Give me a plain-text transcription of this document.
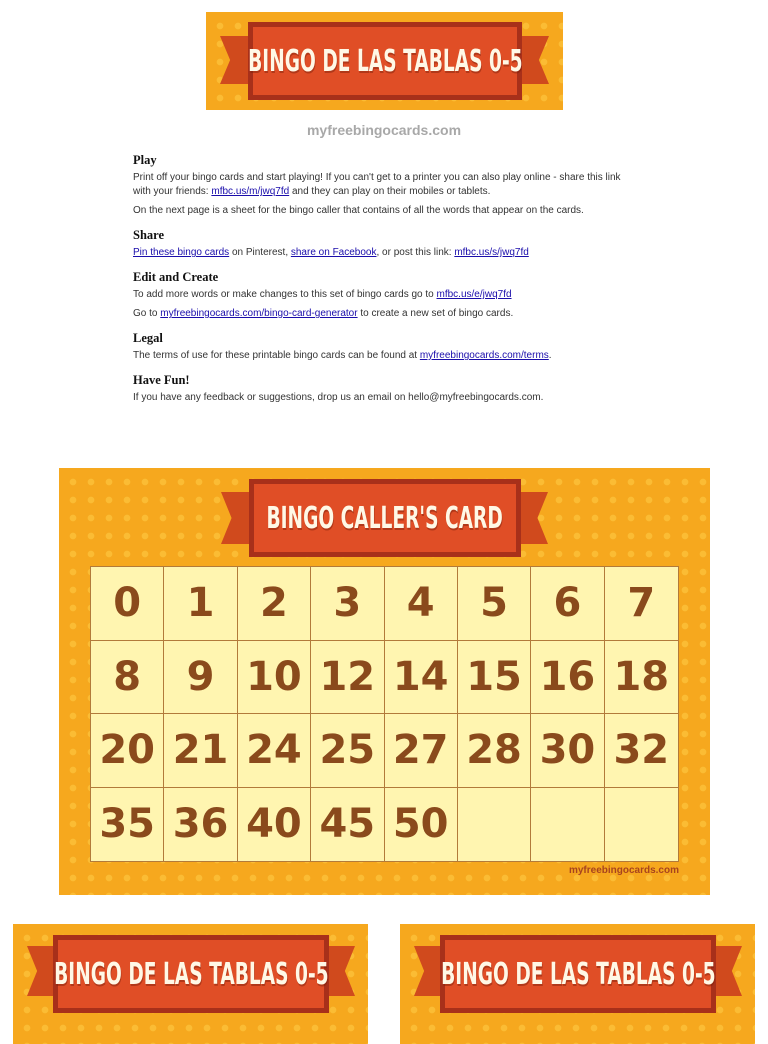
BINGO DE LAS TABLAS 0-5
myfreebingocards.com
Play

Print off your bingo cards and start playing! If you can't get to a printer you can also play online - share this link with your friends: mfbc.us/m/jwq7fd and they can play on their mobiles or tablets.

On the next page is a sheet for the bingo caller that contains of all the words that appear on the cards.

Share

Pin these bingo cards on Pinterest, share on Facebook, or post this link: mfbc.us/s/jwq7fd

Edit and Create

To add more words or make changes to this set of bingo cards go to mfbc.us/e/jwq7fd

Go to myfreebingocards.com/bingo-card-generator to create a new set of bingo cards.

Legal

The terms of use for these printable bingo cards can be found at myfreebingocards.com/terms.

Have Fun!

If you have any feedback or suggestions, drop us an email on hello@myfreebingocards.com.

BINGO CALLER'S CARD
0	1	2	3	4	5	6	7
8	9 10 12 14 15 16 18
20 21 24 25 27 28 30 32
35 36 40 45 50
myfreebingocards.com
BINGO DE LAS TABLAS 0-5	BINGO DE LAS TABLAS 0-5
